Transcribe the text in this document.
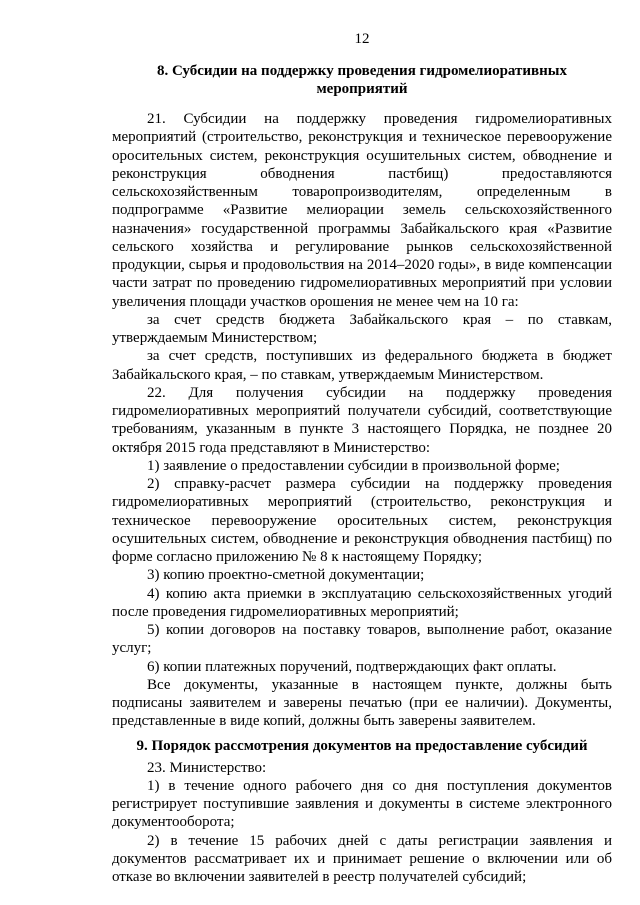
12
8. Субсидии на поддержку проведения гидромелиоративных мероприятий

21. Субсидии на поддержку проведения гидромелиоративных мероприятий (строительство, реконструкция и техническое перевооружение оросительных систем, реконструкция осушительных систем, обводнение и реконструкция обводнения пастбищ) предоставляются сельскохозяйственным товаропроизводителям, определенным в подпрограмме «Развитие мелиорации земель сельскохозяйственного назначения» государственной программы Забайкальского края «Развитие сельского хозяйства и регулирование рынков сельскохозяйственной продукции, сырья и продовольствия на 2014–2020 годы», в виде компенсации части затрат по проведению гидромелиоративных мероприятий при условии увеличения площади участков орошения не менее чем на 10 га:

за счет средств бюджета Забайкальского края – по ставкам, утверждаемым Министерством;

за счет средств, поступивших из федерального бюджета в бюджет Забайкальского края, – по ставкам, утверждаемым Министерством.

22. Для получения субсидии на поддержку проведения гидромелиоративных мероприятий получатели субсидий, соответствующие требованиям, указанным в пункте 3 настоящего Порядка, не позднее 20 октября 2015 года представляют в Министерство:

1) заявление о предоставлении субсидии в произвольной форме;

2) справку-расчет размера субсидии на поддержку проведения гидромелиоративных мероприятий (строительство, реконструкция и техническое перевооружение оросительных систем, реконструкция осушительных систем, обводнение и реконструкция обводнения пастбищ) по форме согласно приложению № 8 к настоящему Порядку;

3) копию проектно-сметной документации;

4) копию акта приемки в эксплуатацию сельскохозяйственных угодий после проведения гидромелиоративных мероприятий;

5) копии договоров на поставку товаров, выполнение работ, оказание услуг;

6) копии платежных поручений, подтверждающих факт оплаты.

Все документы, указанные в настоящем пункте, должны быть подписаны заявителем и заверены печатью (при ее наличии). Документы, представленные в виде копий, должны быть заверены заявителем.

9. Порядок рассмотрения документов на предоставление субсидий

23. Министерство:

1) в течение одного рабочего дня со дня поступления документов регистрирует поступившие заявления и документы в системе электронного документооборота;

2) в течение 15 рабочих дней с даты регистрации заявления и документов рассматривает их и принимает решение о включении или об отказе во включении заявителей в реестр получателей субсидий;
